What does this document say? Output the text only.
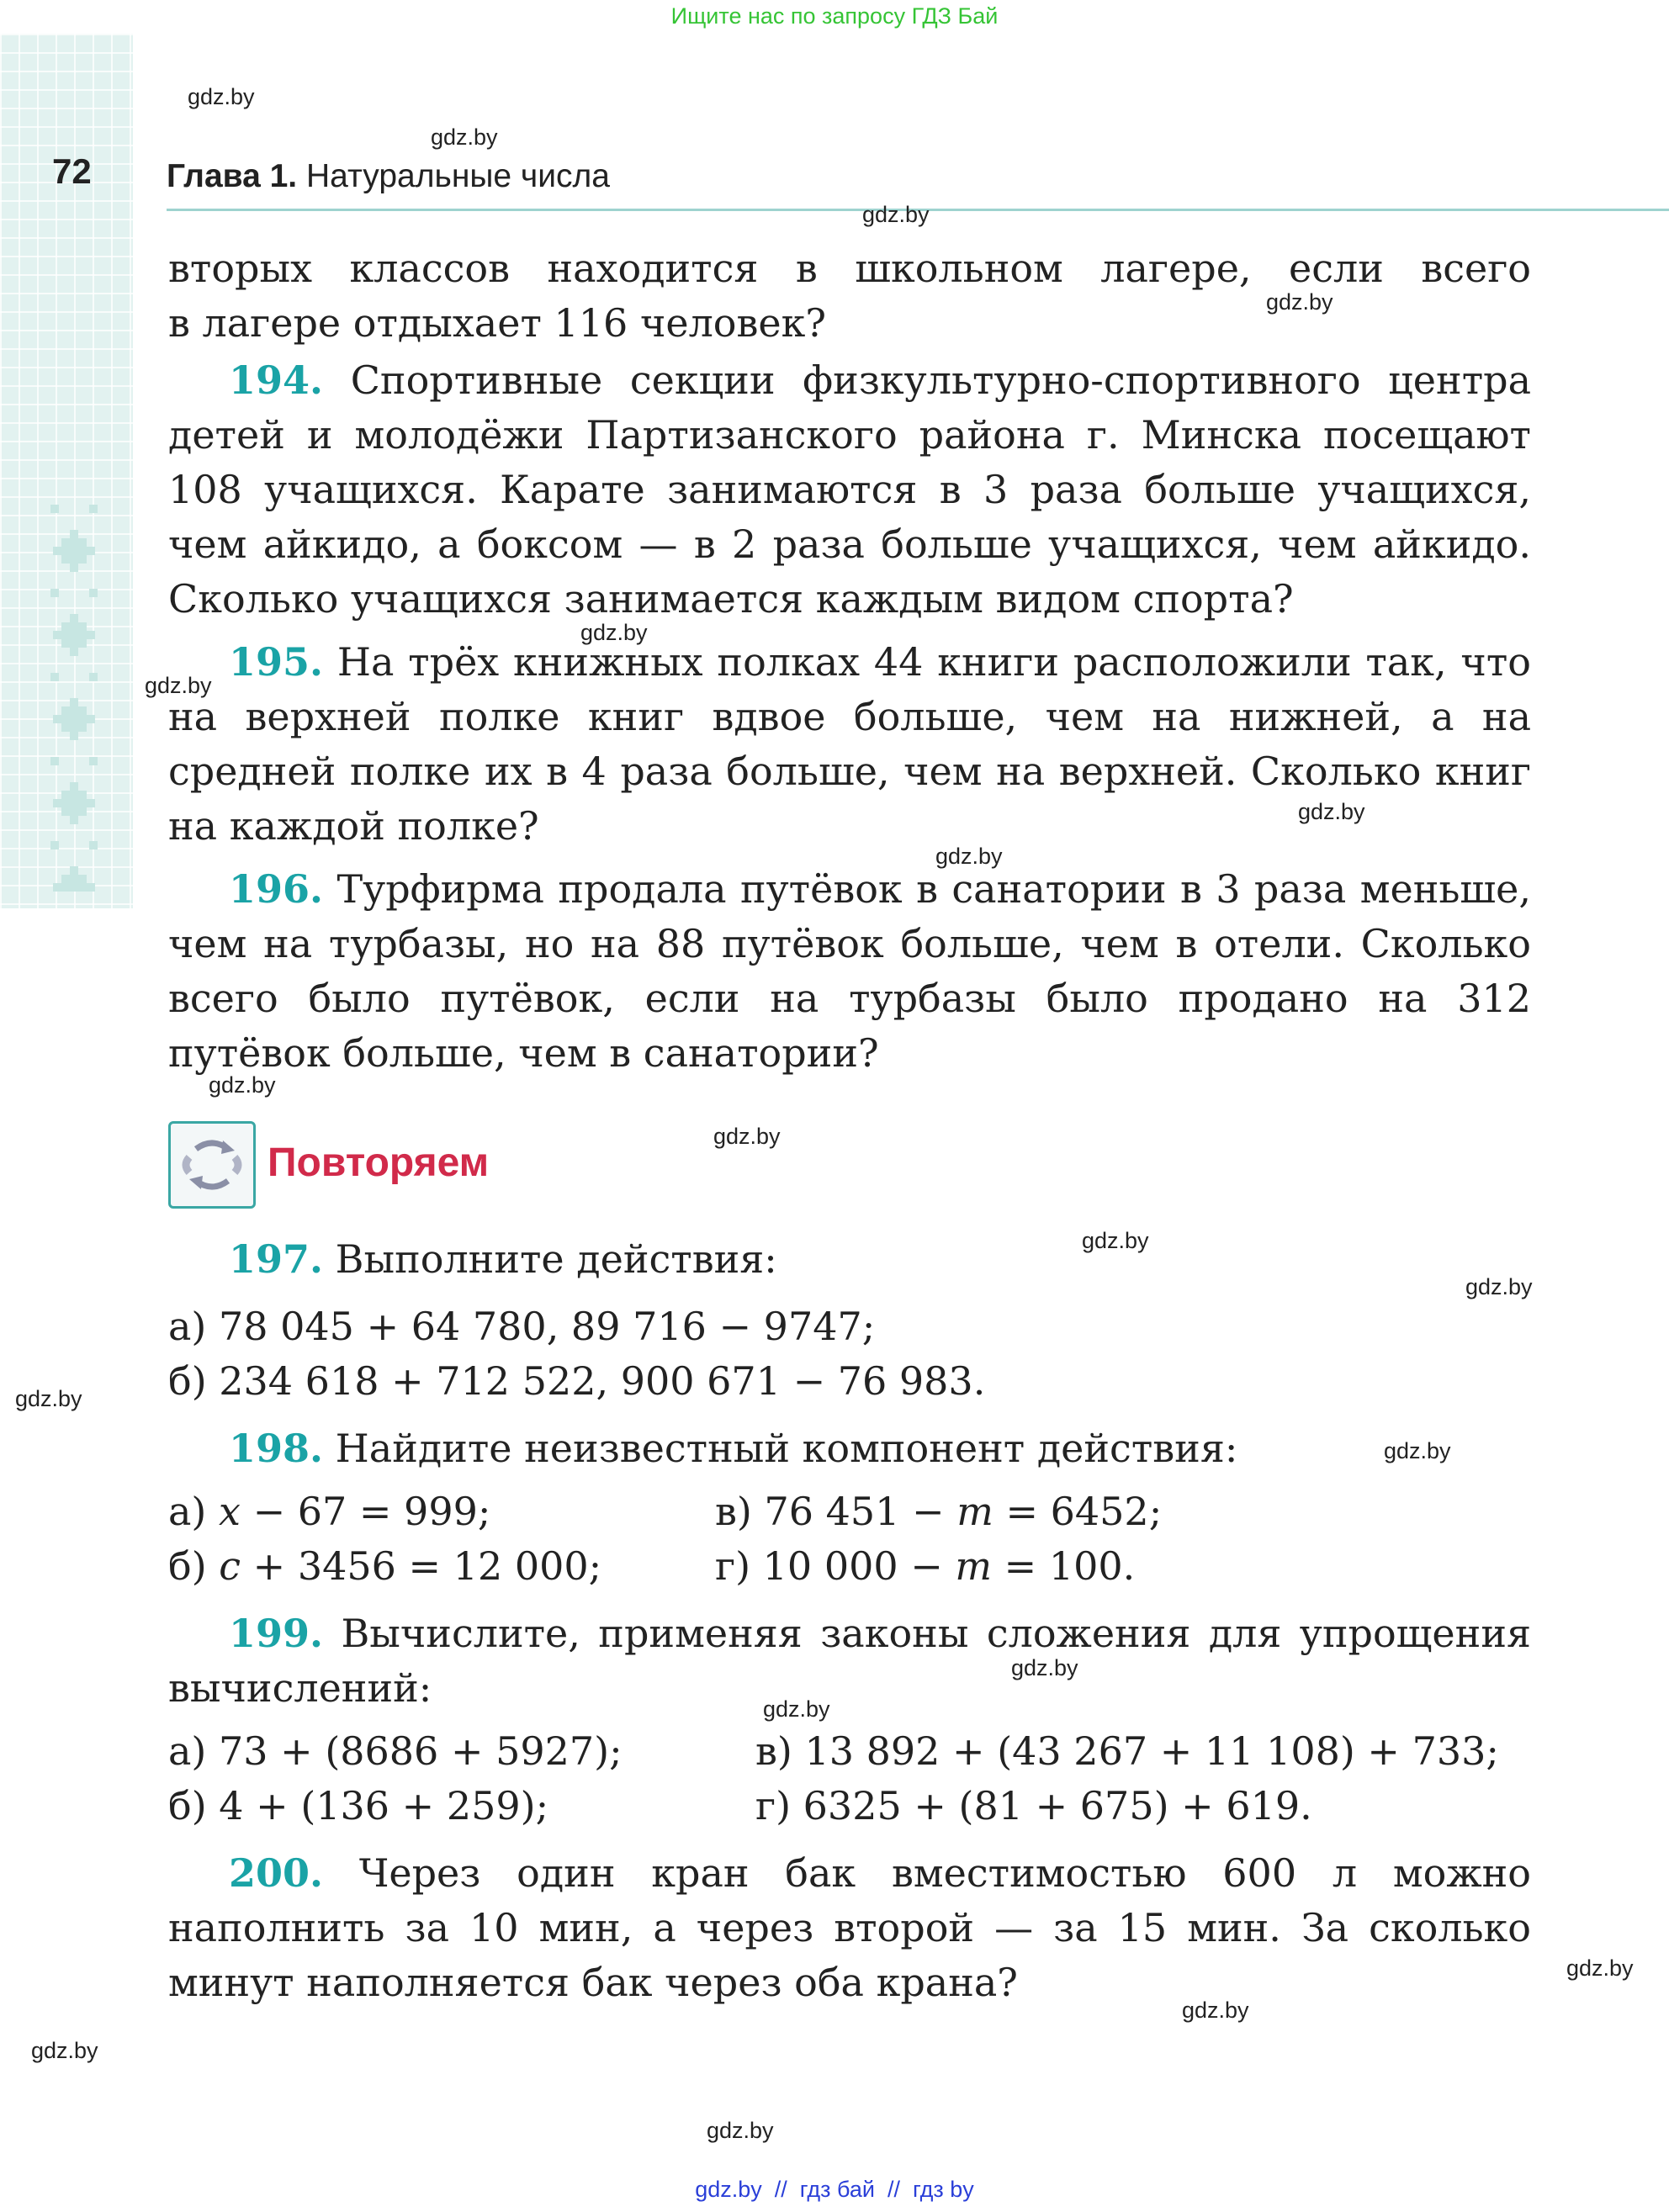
Ищите нас по запросу ГДЗ Бай
72 Глава 1. Натуральные числа
вторых классов находится в школьном лагере, если всего
в лагере отдыхает 116 человек?
194. Спортивные секции физкультурно-спортивного центра детей и молодёжи Партизанского района г. Минска посещают 108 учащихся. Карате занимаются в 3 раза больше учащихся, чем айкидо, а боксом — в 2 раза больше учащихся, чем айкидо. Сколько учащихся занимается каждым видом спорта?
195. На трёх книжных полках 44 книги расположили так, что на верхней полке книг вдвое больше, чем на нижней, а на средней полке их в 4 раза больше, чем на верхней. Сколько книг на каждой полке?
196. Турфирма продала путёвок в санатории в 3 раза меньше, чем на турбазы, но на 88 путёвок больше, чем в отели. Сколько всего было путёвок, если на турбазы было продано на 312 путёвок больше, чем в санатории?
Повторяем
197. Выполните действия:
а) 78 045 + 64 780, 89 716 − 9747;
б) 234 618 + 712 522, 900 671 − 76 983.
198. Найдите неизвестный компонент действия:
а) x − 67 = 999;	в) 76 451 − m = 6452;
б) c + 3456 = 12 000;	г) 10 000 − m = 100.
199. Вычислите, применяя законы сложения для упрощения вычислений:
а) 73 + (8686 + 5927);	в) 13 892 + (43 267 + 11 108) + 733;
б) 4 + (136 + 259);	г) 6325 + (81 + 675) + 619.
200. Через один кран бак вместимостью 600 л можно наполнить за 10 мин, а через второй — за 15 мин. За сколько минут наполняется бак через оба крана?
gdz.by
gdz.by
gdz.by
gdz.by
gdz.by
gdz.by
gdz.by
gdz.by
gdz.by
gdz.by
gdz.by
gdz.by
gdz.by
gdz.by
gdz.by
gdz.by
gdz.by
gdz.by
gdz.by
gdz.by
gdz.by  //  гдз бай  //  гдз by
